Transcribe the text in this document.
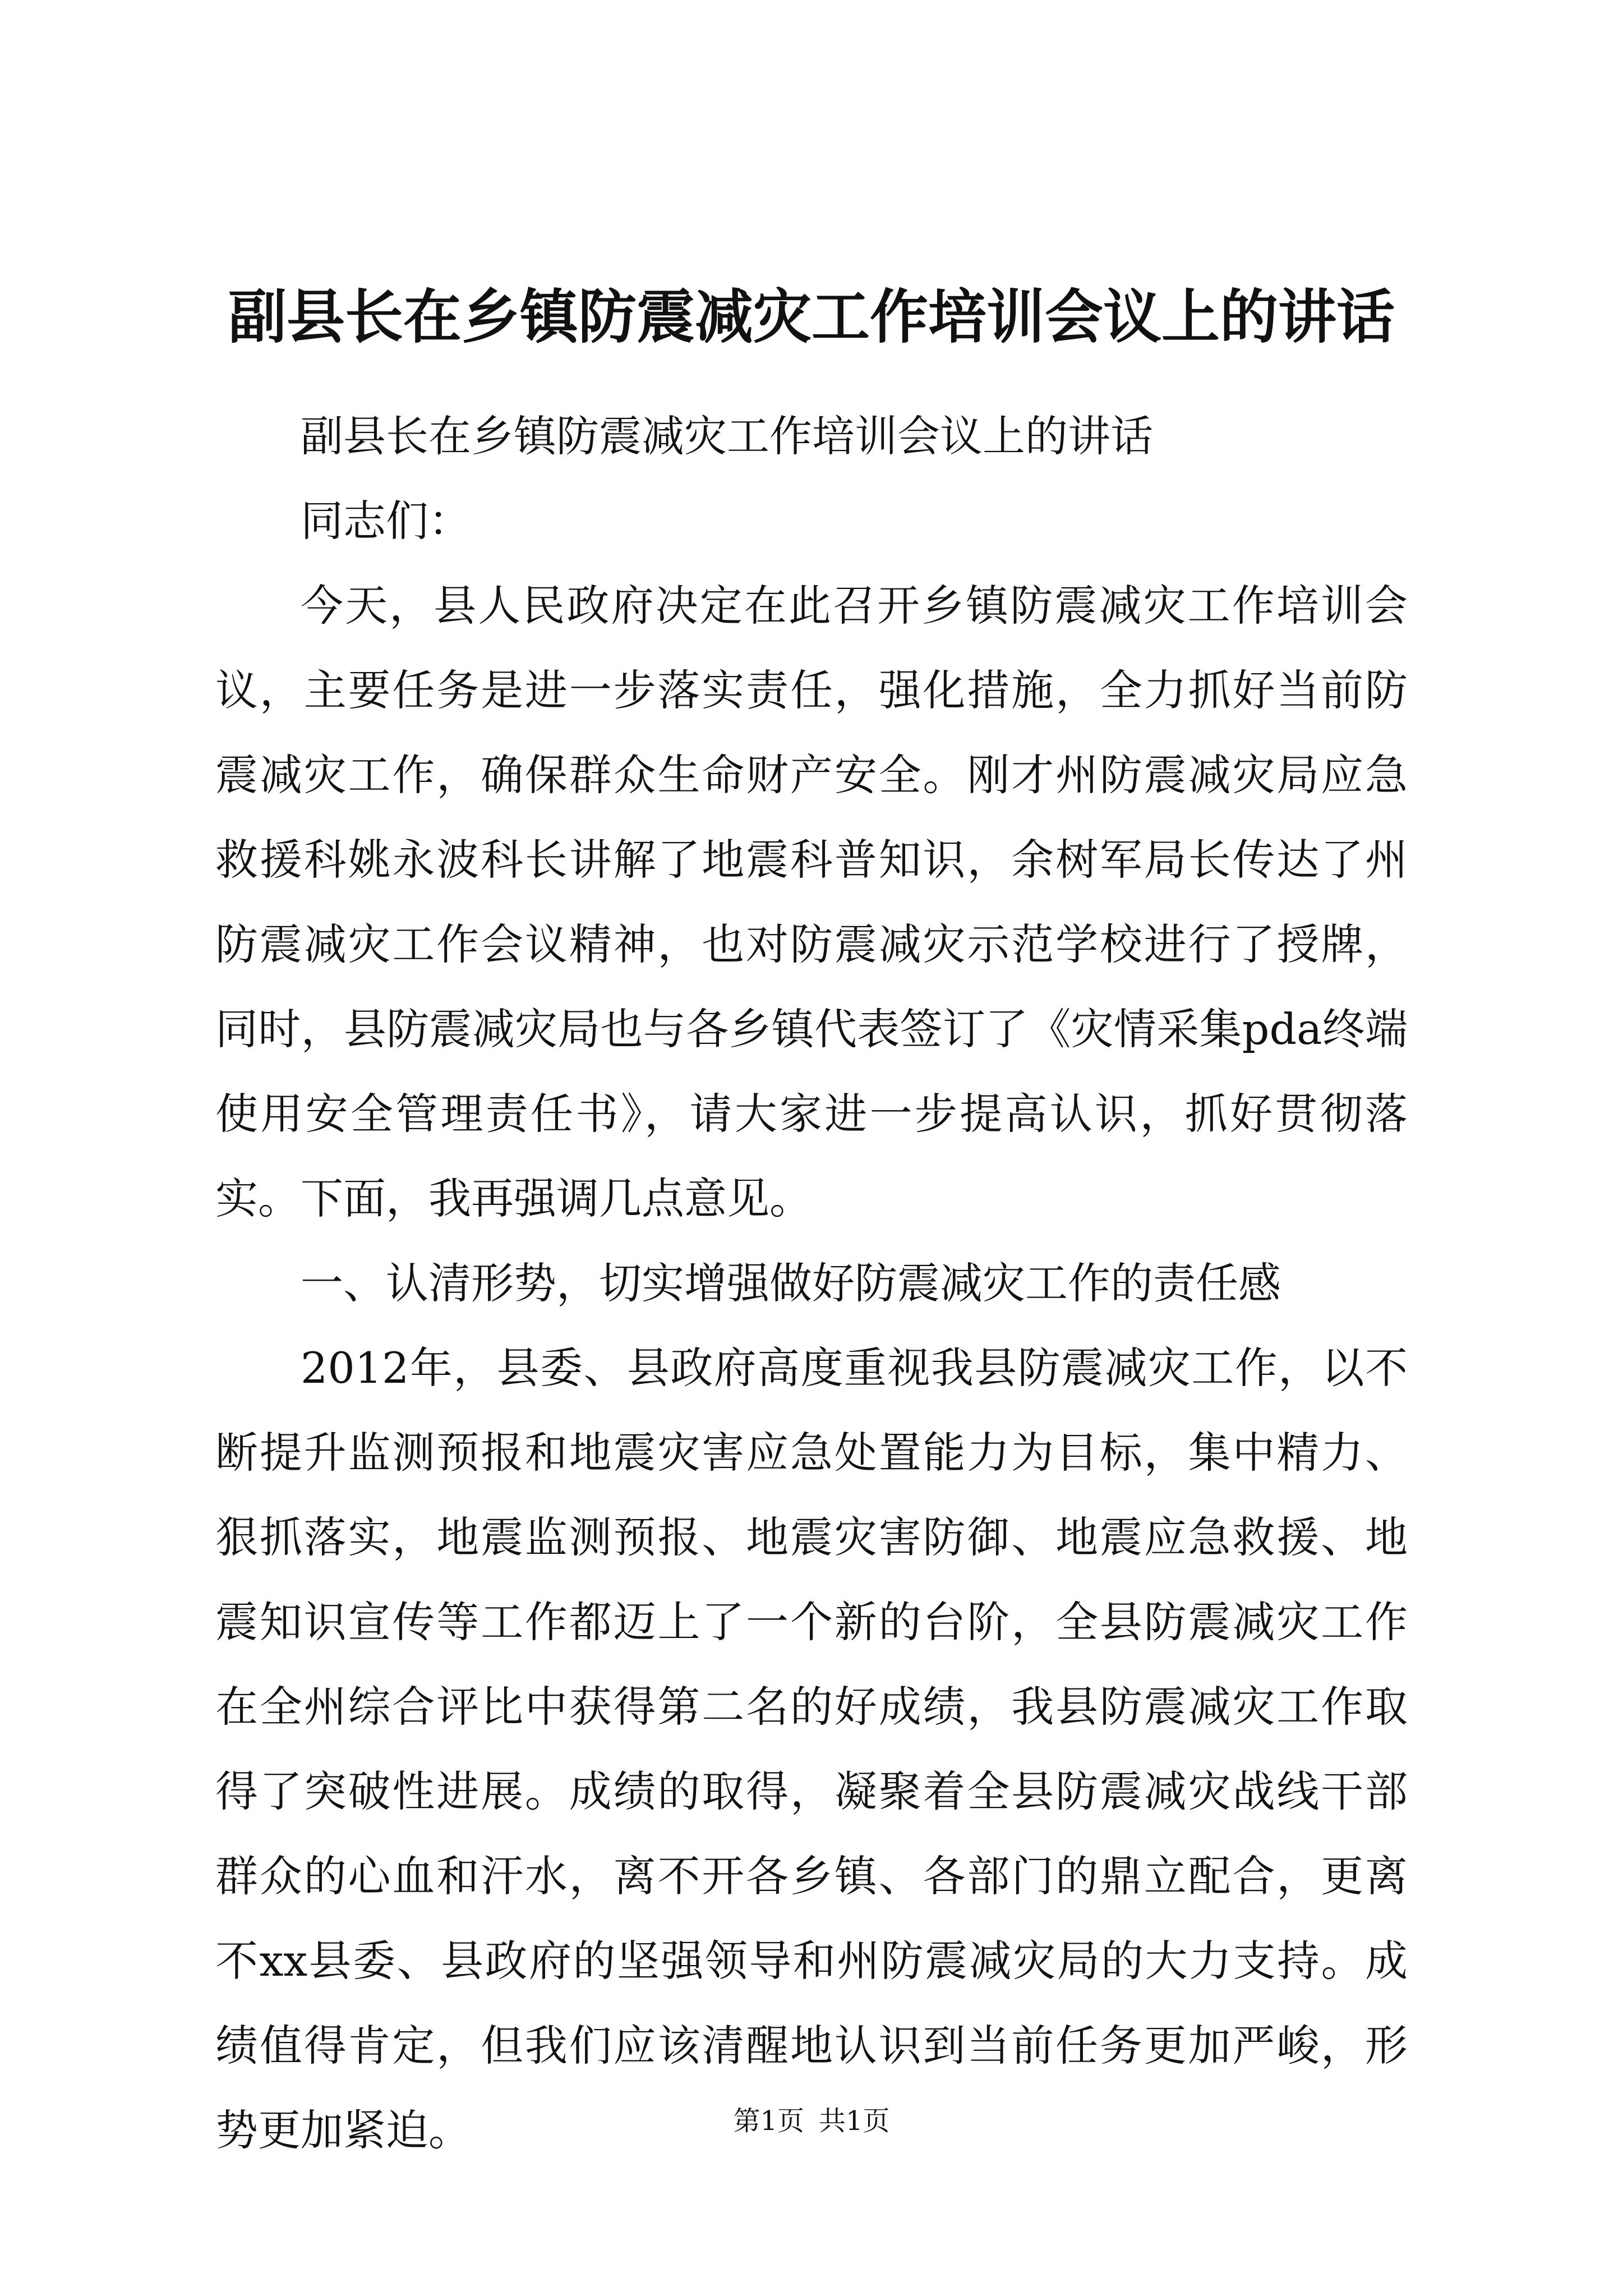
副县长在乡镇防震减灾工作培训会议上的讲话

副县长在乡镇防震减灾工作培训会议上的讲话

同志们：

今天，县人民政府决定在此召开乡镇防震减灾工作培训会议，主要任务是进一步落实责任，强化措施，全力抓好当前防震减灾工作，确保群众生命财产安全。刚才州防震减灾局应急救援科姚永波科长讲解了地震科普知识，余树军局长传达了州防震减灾工作会议精神，也对防震减灾示范学校进行了授牌，同时，县防震减灾局也与各乡镇代表签订了《灾情采集pda终端使用安全管理责任书》，请大家进一步提高认识，抓好贯彻落实。下面，我再强调几点意见。

一、认清形势，切实增强做好防震减灾工作的责任感

2012年，县委、县政府高度重视我县防震减灾工作，以不断提升监测预报和地震灾害应急处置能力为目标，集中精力、狠抓落实，地震监测预报、地震灾害防御、地震应急救援、地震知识宣传等工作都迈上了一个新的台阶，全县防震减灾工作在全州综合评比中获得第二名的好成绩，我县防震减灾工作取得了突破性进展。成绩的取得，凝聚着全县防震减灾战线干部群众的心血和汗水，离不开各乡镇、各部门的鼎立配合，更离不xx县委、县政府的坚强领导和州防震减灾局的大力支持。成绩值得肯定，但我们应该清醒地认识到当前任务更加严峻，形势更加紧迫。	第1页 共1页
